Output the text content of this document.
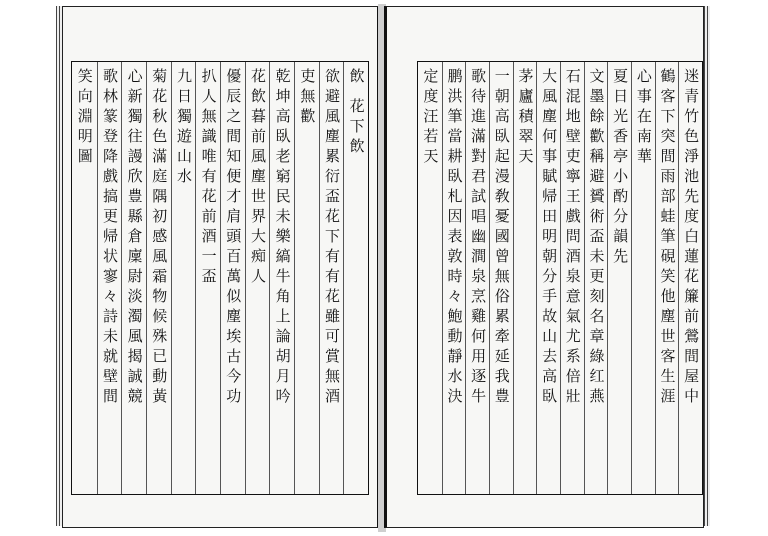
飲 花下飲
欲避風塵累衍盃花下有有花雖可賞無酒
吏無歡
乾坤高臥老窮民未樂縞牛角上論胡月吟
花飲暮前風塵世界大痴人
優辰之間知便才肩頭百萬似塵埃古今功
扒人無識唯有花前酒一盃
九日獨遊山水
菊花秋色滿庭隅初感風霜物候殊已動黃
心新獨往謾欣豊縣倉廩尉淡濁風揭誠競
歌林篆登降戲搞更帰状寥々詩未就壁間
笑向淵明圖	迷青竹色淨池先度白蓮花簾前鶯間屋中
鶴客下突間雨部蛙筆硯笑他塵世客生涯
心事在南華
夏日光香亭小酌分韻先
文墨餘歡稱避贇術盃未更刻名章綠红燕
石混地壁吏寧王戲問酒泉意氣尤系倍壯
大風塵何事賦帰田明朝分手故山去高臥
茅廬積翠天
一朝高臥起漫敎憂國曾無俗累牽延我豊
歌待進滿對君試唱幽澗泉烹雞何用逐牛
鹏洪筆當耕臥札因表敦時々鮑動靜水決
定度汪若天
